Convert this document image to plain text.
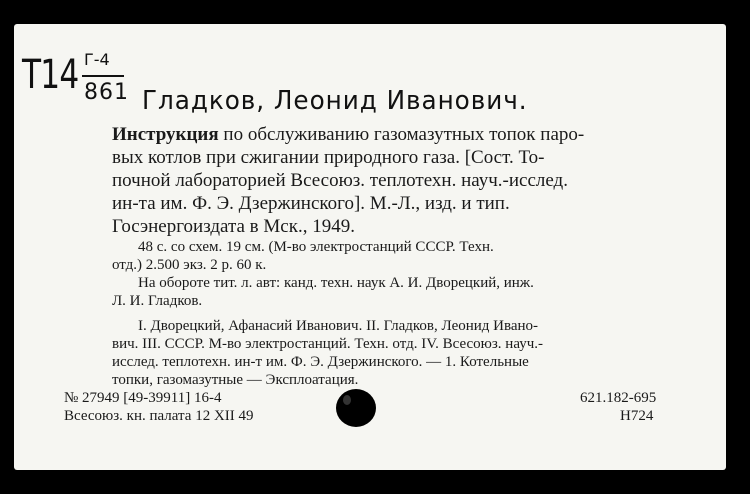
T14 Г-4
861 Гладков, Леонид Иванович.
Инструкция по обслуживанию газомазутных топок паро-
вых котлов при сжигании природного газа. [Сост. То-
почной лабораторией Всесоюз. теплотехн. науч.-исслед.
ин-та им. Ф. Э. Дзержинского]. М.-Л., изд. и тип.
Госэнергоиздата в Мск., 1949.
48 с. со схем. 19 см. (М-во электростанций СССР. Техн.
отд.) 2.500 экз. 2 р. 60 к.
На обороте тит. л. авт: канд. техн. наук А. И. Дворецкий, инж.
Л. И. Гладков.
I. Дворецкий, Афанасий Иванович. II. Гладков, Леонид Ивано-
вич. III. СССР. М-во электростанций. Техн. отд. IV. Всесоюз. науч.-
исслед. теплотехн. ин-т им. Ф. Э. Дзержинского. — 1. Котельные
топки, газомазутные — Эксплоатация.
№ 27949 [49-39911] 16-4
Всесоюз. кн. палата 12 XII 49
621.182-695
Н724
